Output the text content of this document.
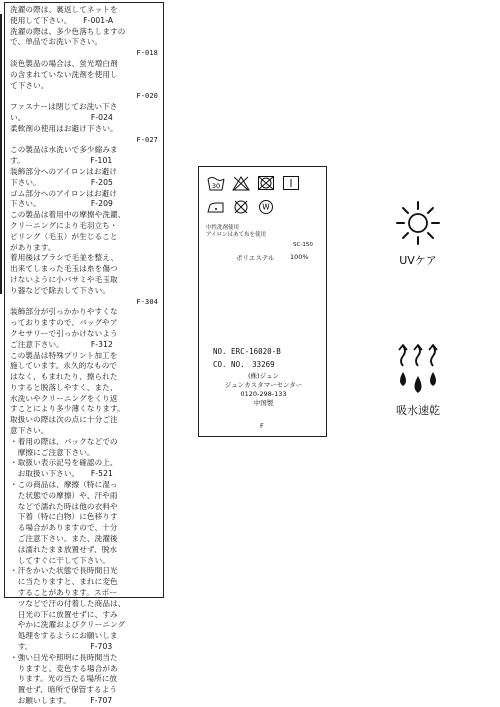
洗濯の際は、裏返してネットを
使用して下さい。　　F-001-A
洗濯の際は、多少色落ちしますの
で、単品でお洗い下さい。
F-018
淡色製品の場合は、蛍光増白剤
の含まれていない洗剤を使用し
て下さい。
F-020
ファスナーは閉じてお洗い下さ
い。　　　　　　　　　F-024
柔軟剤の使用はお避け下さい。
F-027
この製品は水洗いで多少縮みま
す。　　　　　　　　　F-101
装飾部分へのアイロンはお避け
下さい。　　　　　　　F-205
ゴム部分へのアイロンはお避け
下さい。　　　　　　　F-209
この製品は着用中の摩擦や洗濯、
クリーニングにより毛羽立ち・
ピリング（毛玉）が生じること
があります。
着用後はブラシで毛並を整え、
出来てしまった毛玉は糸を傷つ
けないように小バサミや毛玉取
り器などで除去して下さい。
F-304
装飾部分が引っかかりやすくな
っておりますので、バッグやア
クセサリーで引っかけないよう
ご注意下さい。　　　　F-312
この製品は特殊プリント加工を
施しています。永久的なもので
はなく、もまれたり、擦られた
りすると脱落しやすく、また、
水洗いやクリーニングをくり返
すことにより多少薄くなります。
取扱いの際は次の点に十分ご注
意下さい。
・着用の際は、バックなどでの
　摩擦にご注意下さい。
・取扱い表示記号を確認の上、
　お取扱い下さい。　　F-521
・この商品は、摩擦（特に湿っ
　た状態での摩擦）や、汗や雨
　などで濡れた時は他の衣料や
　下着（特に白物）に色移りす
　る場合がありますので、十分
　ご注意下さい。また、洗濯後
　は濡れたまま放置せず、脱水
　してすぐに干して下さい。
・汗をかいた状態で長時間日光
　に当たりますと、まれに変色
　することがあります。スポー
　ツなどで汗の付着した商品は、
　日光の下に放置せずに、すみ
　やかに洗濯およびクリーニング
　処理をするようにお願いしま
　す。　　　　　　　　F-703
・強い日光や照明に長時間当た
　りますと、変色する場合があ
　ります。光の当たる場所に放
　置せず、暗所で保管するよう
　お願いします。　　　F-707
30
W
中性洗剤使用
アイロンはあて布を使用
SC-150
ポリエステル 100%
NO. ERC-16020-B
CO. NO.　33269
(株)ジュン
ジュンカスタマーセンター
0120-298-133
中国製
F
UVケア
吸水速乾
